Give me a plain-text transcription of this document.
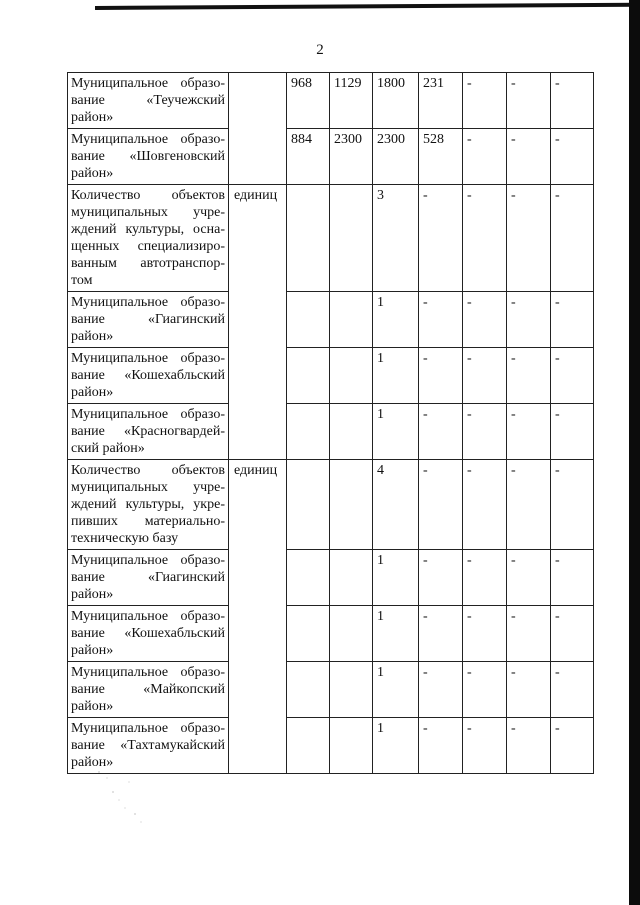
2
Муниципальное образо-вание «Теучежский район»		968	1129	1800	231	-	-	-
Муниципальное образо-вание «Шовгеновский район»		884	2300	2300	528	-	-	-
Количество объектов муниципальных учре-ждений культуры, осна-щенных специализиро-ванным автотранспор-том	единиц			3	-	-	-	-
Муниципальное образо-вание «Гиагинский район»				1	-	-	-	-
Муниципальное образо-вание «Кошехабльский район»				1	-	-	-	-
Муниципальное образо-вание «Красногвардей-ский район»				1	-	-	-	-
Количество объектов муниципальных учре-ждений культуры, укре-пивших материально-техническую базу	единиц			4	-	-	-	-
Муниципальное образо-вание «Гиагинский район»				1	-	-	-	-
Муниципальное образо-вание «Кошехабльский район»				1	-	-	-	-
Муниципальное образо-вание «Майкопский район»				1	-	-	-	-
Муниципальное образо-вание «Тахтамукайский район»				1	-	-	-	-
